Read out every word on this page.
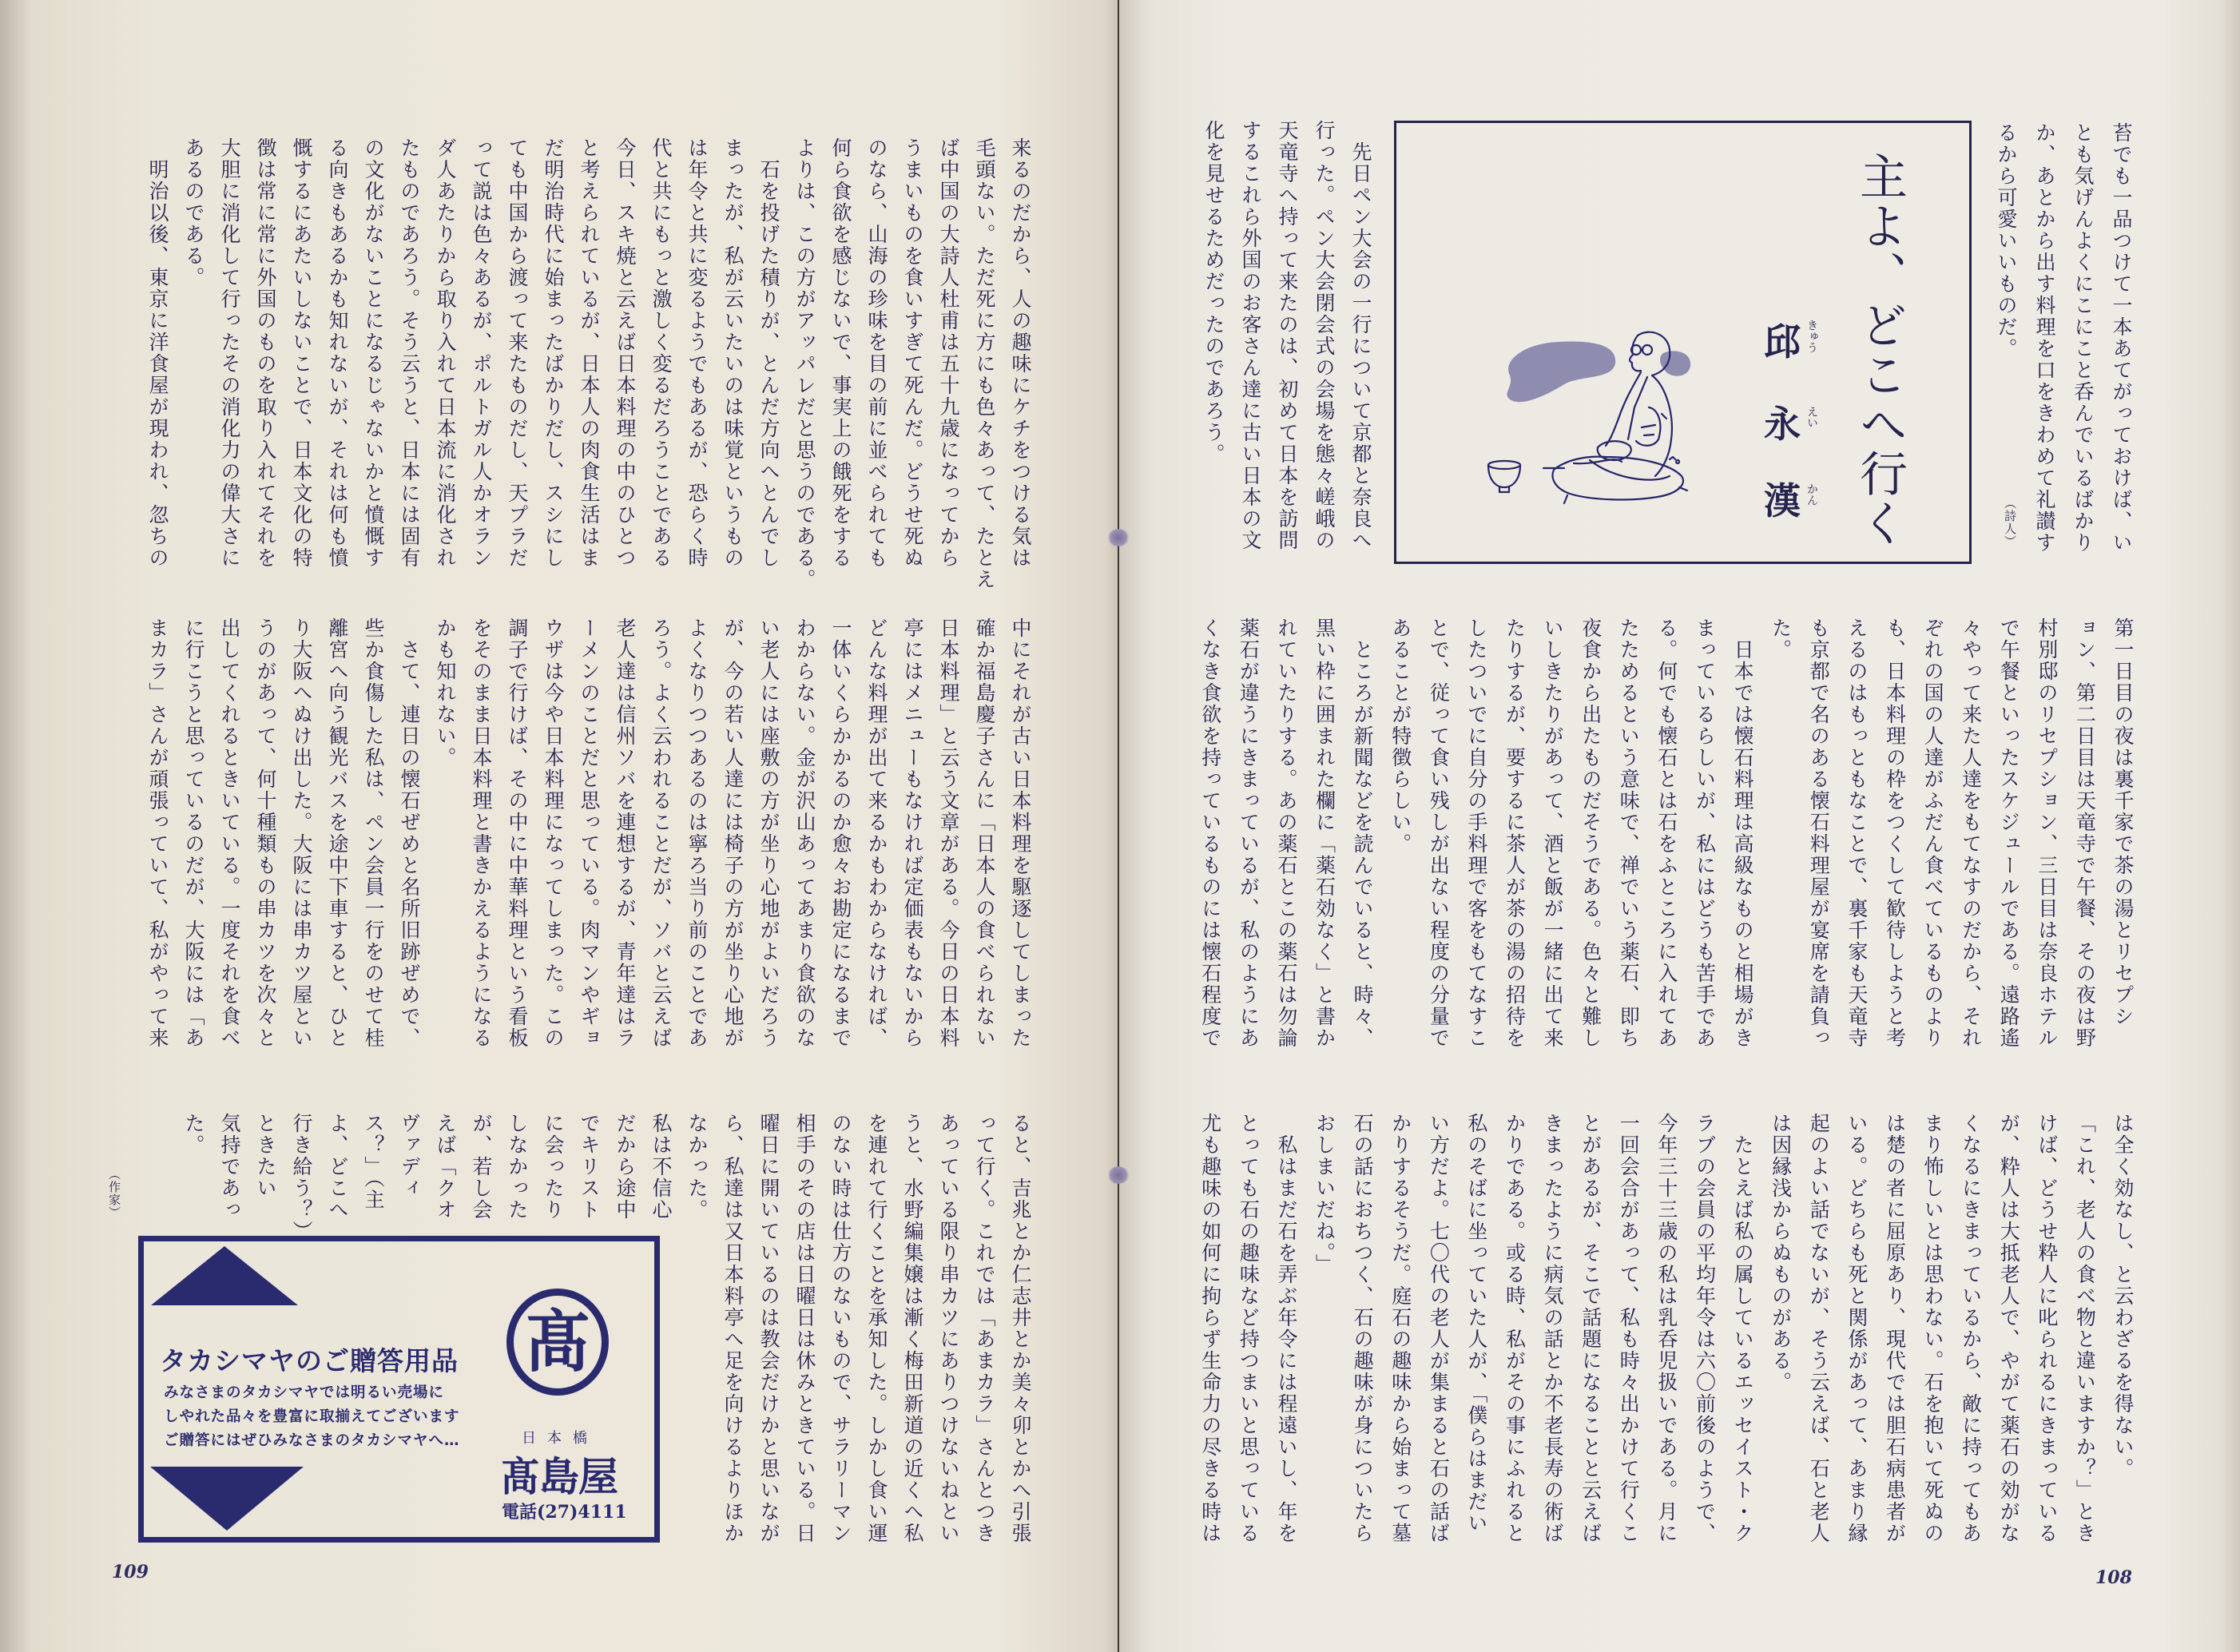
苔でも一品つけて一本あてがっておけば、い
とも気げんよくにこにこと呑んでいるばかり
か、あとから出す料理を口をきわめて礼讃す
るから可愛いいものだ。
（詩人）
主よ、どこへ行く
邱
永
漢
きゅう
えい
かん
　先日ペン大会の一行について京都と奈良へ
行った。ペン大会閉会式の会場を態々嵯峨の
天竜寺へ持って来たのは、初めて日本を訪問
するこれら外国のお客さん達に古い日本の文
化を見せるためだったのであろう。
第一日目の夜は裏千家で茶の湯とリセプシ
ョン、第二日目は天竜寺で午餐、その夜は野
村別邸のリセプション、三日目は奈良ホテル
で午餐といったスケジュールである。遠路遙
々やって来た人達をもてなすのだから、それ
ぞれの国の人達がふだん食べているものより
も、日本料理の枠をつくして歓待しようと考
えるのはもっともなことで、裏千家も天竜寺
も京都で名のある懐石料理屋が宴席を請負っ
た。
　日本では懐石料理は高級なものと相場がき
まっているらしいが、私にはどうも苦手であ
る。何でも懐石とは石をふところに入れてあ
たためるという意味で、禅でいう薬石、即ち
夜食から出たものだそうである。色々と難し
いしきたりがあって、酒と飯が一緒に出て来
たりするが、要するに茶人が茶の湯の招待を
したついでに自分の手料理で客をもてなすこ
とで、従って食い残しが出ない程度の分量で
あることが特徴らしい。
　ところが新聞などを読んでいると、時々、
黒い枠に囲まれた欄に「薬石効なく」と書か
れていたりする。あの薬石とこの薬石は勿論
薬石が違うにきまっているが、私のようにあ
くなき食欲を持っているものには懐石程度で
は全く効なし、と云わざるを得ない。
「これ、老人の食べ物と違いますか？」とき
けば、どうせ粋人に叱られるにきまっている
が、粋人は大抵老人で、やがて薬石の効がな
くなるにきまっているから、敵に持ってもあ
まり怖しいとは思わない。石を抱いて死ぬの
は楚の者に屈原あり、現代では胆石病患者が
いる。どちらも死と関係があって、あまり縁
起のよい話でないが、そう云えば、石と老人
は因縁浅からぬものがある。
　たとえば私の属しているエッセイスト・ク
ラブの会員の平均年令は六〇前後のようで、
今年三十三歳の私は乳呑児扱いである。月に
一回会合があって、私も時々出かけて行くこ
とがあるが、そこで話題になることと云えば
きまったように病気の話とか不老長寿の術ば
かりである。或る時、私がその事にふれると
私のそばに坐っていた人が、「僕らはまだい
い方だよ。七〇代の老人が集まると石の話ば
かりするそうだ。庭石の趣味から始まって墓
石の話におちつく、石の趣味が身についたら
おしまいだね。」
　私はまだ石を弄ぶ年令には程遠いし、年を
とっても石の趣味など持つまいと思っている
尤も趣味の如何に拘らず生命力の尽きる時は
108
来るのだから、人の趣味にケチをつける気は
毛頭ない。ただ死に方にも色々あって、たとえ
ば中国の大詩人杜甫は五十九歳になってから
うまいものを食いすぎて死んだ。どうせ死ぬ
のなら、山海の珍味を目の前に並べられても
何ら食欲を感じないで、事実上の餓死をする
よりは、この方がアッパレだと思うのである。
　石を投げた積りが、とんだ方向へとんでし
まったが、私が云いたいのは味覚というもの
は年令と共に変るようでもあるが、恐らく時
代と共にもっと激しく変るだろうことである
今日、スキ焼と云えば日本料理の中のひとつ
と考えられているが、日本人の肉食生活はま
だ明治時代に始まったばかりだし、スシにし
ても中国から渡って来たものだし、天プラだ
って説は色々あるが、ポルトガル人かオラン
ダ人あたりから取り入れて日本流に消化され
たものであろう。そう云うと、日本には固有
の文化がないことになるじゃないかと憤慨す
る向きもあるかも知れないが、それは何も憤
慨するにあたいしないことで、日本文化の特
徴は常に常に外国のものを取り入れてそれを
大胆に消化して行ったその消化力の偉大さに
あるのである。
　明治以後、東京に洋食屋が現われ、忽ちの
中にそれが古い日本料理を駆逐してしまった
確か福島慶子さんに「日本人の食べられない
日本料理」と云う文章がある。今日の日本料
亭にはメニューもなければ定価表もないから
どんな料理が出て来るかもわからなければ、
一体いくらかかるのか愈々お勘定になるまで
わからない。金が沢山あってあまり食欲のな
い老人には座敷の方が坐り心地がよいだろう
が、今の若い人達には椅子の方が坐り心地が
よくなりつつあるのは寧ろ当り前のことであ
ろう。よく云われることだが、ソバと云えば
老人達は信州ソバを連想するが、青年達はラ
ーメンのことだと思っている。肉マンやギョ
ウザは今や日本料理になってしまった。この
調子で行けば、その中に中華料理という看板
をそのまま日本料理と書きかえるようになる
かも知れない。
　さて、連日の懐石ぜめと名所旧跡ぜめで、
些か食傷した私は、ペン会員一行をのせて桂
離宮へ向う観光バスを途中下車すると、ひと
り大阪へぬけ出した。大阪には串カツ屋とい
うのがあって、何十種類もの串カツを次々と
出してくれるときいている。一度それを食べ
に行こうと思っているのだが、大阪には「あ
まカラ」さんが頑張っていて、私がやって来
ると、吉兆とか仁志井とか美々卯とかへ引張
って行く。これでは「あまカラ」さんとつき
あっている限り串カツにありつけないねとい
うと、水野編集嬢は漸く梅田新道の近くへ私
を連れて行くことを承知した。しかし食い運
のない時は仕方のないもので、サラリーマン
相手のその店は日曜日は休みときている。日
曜日に開いているのは教会だけかと思いなが
ら、私達は又日本料亭へ足を向けるよりほか
なかった。
私は不信心
だから途中
でキリスト
に会ったり
しなかった
が、若し会
えば「クオ
ヴァディ
ス？」（主
よ、どこへ
行き給う？）
ときたい
気持であっ
た。
（作家）
タカシマヤのご贈答用品
みなさまのタカシマヤでは明るい売場に
しやれた品々を豊富に取揃えてございます
ご贈答にはぜひみなさまのタカシマヤへ…
髙
日本橋
髙島屋
電話(27)4111
109
